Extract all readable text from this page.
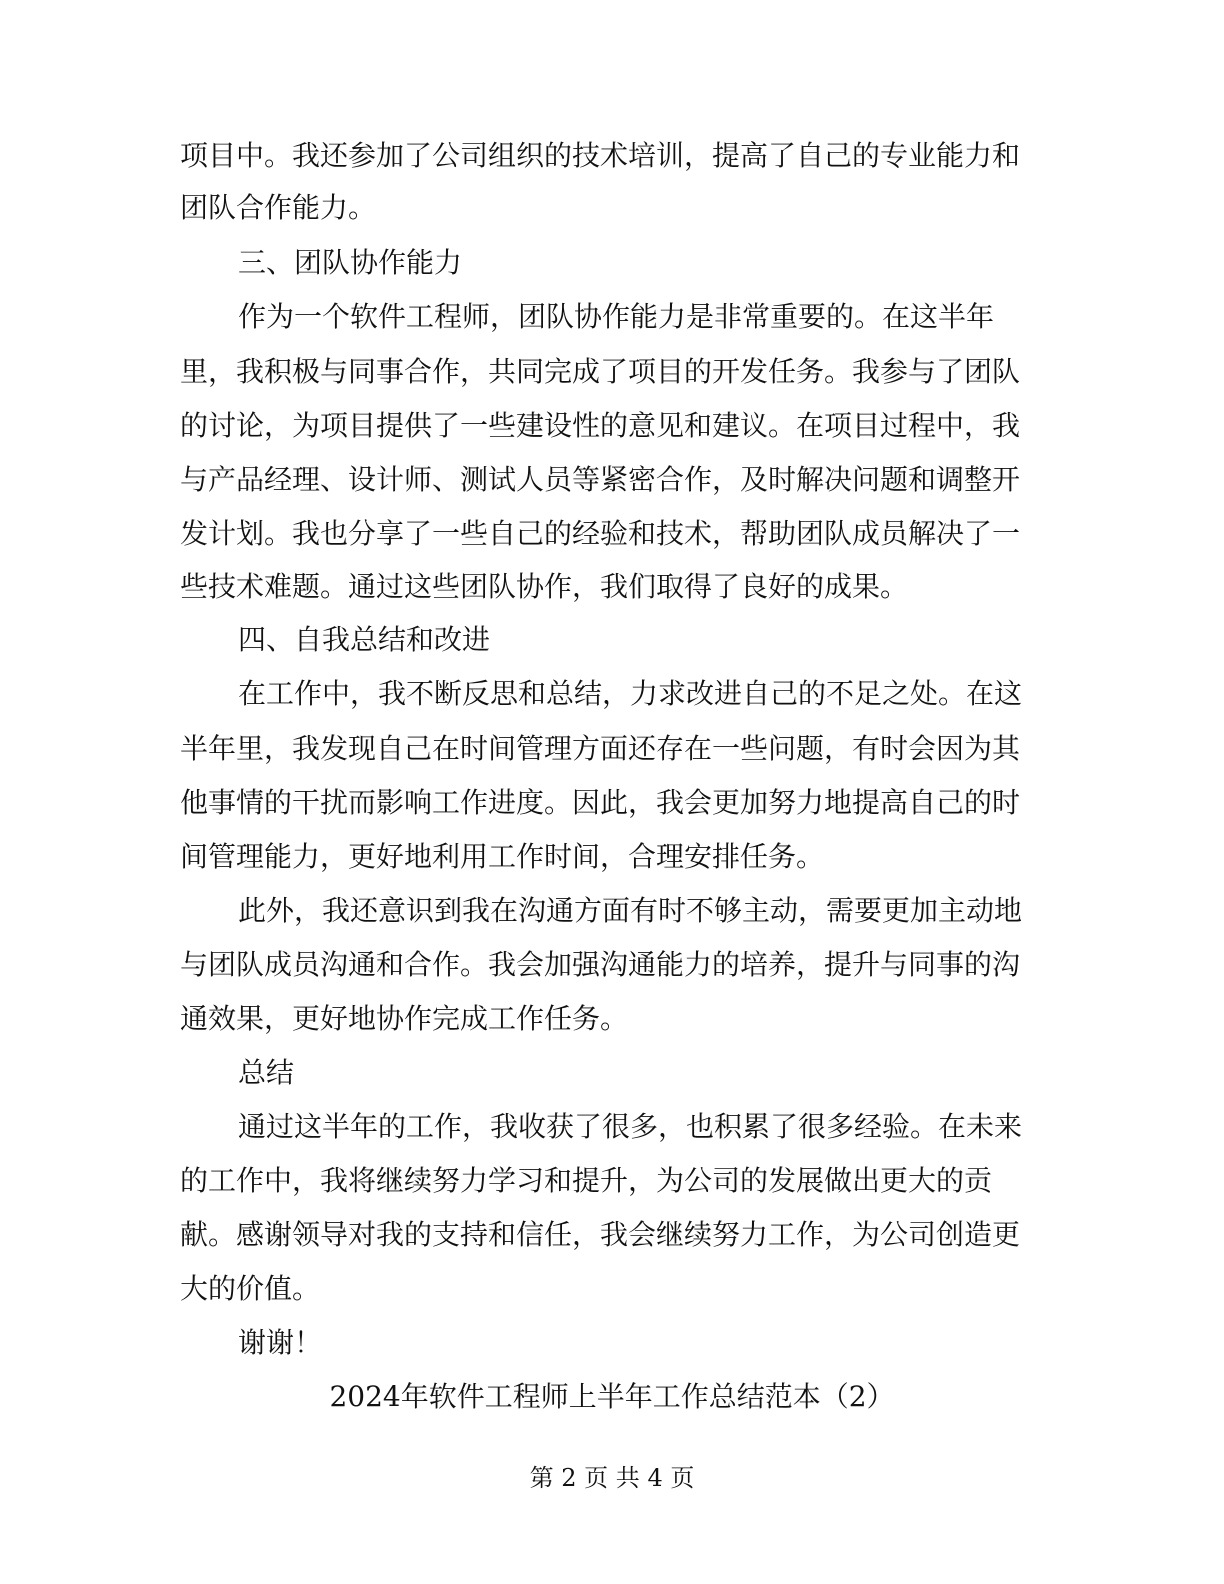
项目中。我还参加了公司组织的技术培训，提高了自己的专业能力和
团队合作能力。
三、团队协作能力
作为一个软件工程师，团队协作能力是非常重要的。在这半年
里，我积极与同事合作，共同完成了项目的开发任务。我参与了团队
的讨论，为项目提供了一些建设性的意见和建议。在项目过程中，我
与产品经理、设计师、测试人员等紧密合作，及时解决问题和调整开
发计划。我也分享了一些自己的经验和技术，帮助团队成员解决了一
些技术难题。通过这些团队协作，我们取得了良好的成果。
四、自我总结和改进
在工作中，我不断反思和总结，力求改进自己的不足之处。在这
半年里，我发现自己在时间管理方面还存在一些问题，有时会因为其
他事情的干扰而影响工作进度。因此，我会更加努力地提高自己的时
间管理能力，更好地利用工作时间，合理安排任务。
此外，我还意识到我在沟通方面有时不够主动，需要更加主动地
与团队成员沟通和合作。我会加强沟通能力的培养，提升与同事的沟
通效果，更好地协作完成工作任务。
总结
通过这半年的工作，我收获了很多，也积累了很多经验。在未来
的工作中，我将继续努力学习和提升，为公司的发展做出更大的贡
献。感谢领导对我的支持和信任，我会继续努力工作，为公司创造更
大的价值。
谢谢！
2024年软件工程师上半年工作总结范本（2）
第 2 页 共 4 页
